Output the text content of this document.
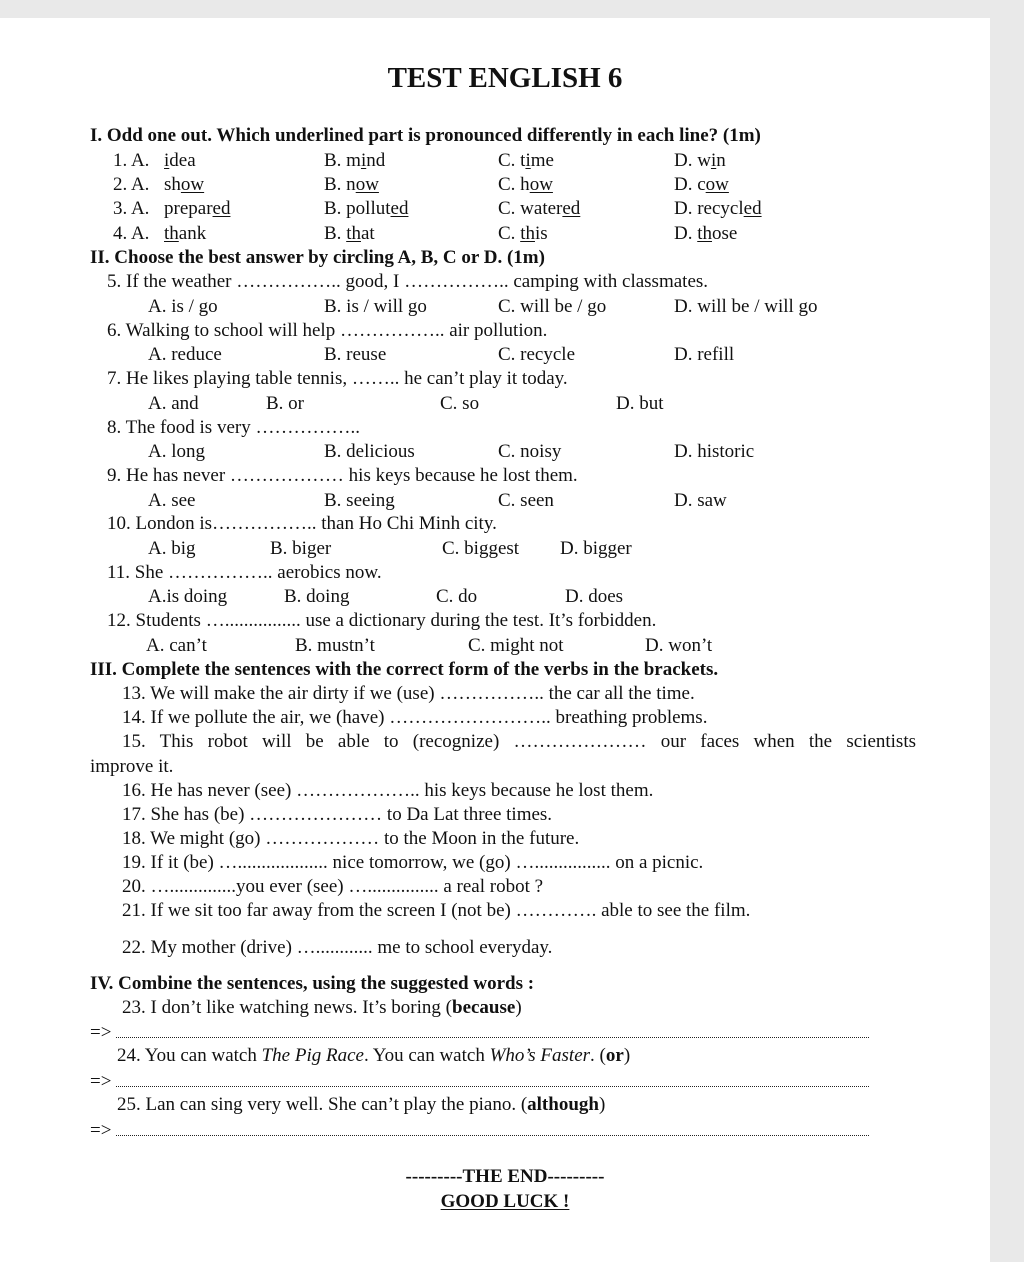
TEST ENGLISH 6
I. Odd one out. Which underlined part is pronounced differently in each line? (1m)
1. A. idea	B. mind	C. time	D. win
2. A. show	B. now	C. how	D. cow
3. A. prepared	B. polluted	C. watered	D. recycled
4. A. thank	B. that	C. this	D. those
II. Choose the best answer by circling A, B, C or D. (1m)
5. If the weather …………….. good, I …………….. camping with classmates.
A. is / go	B. is / will go	C. will be / go	D. will be / will go
6. Walking to school will help …………….. air pollution.
A. reduce	B. reuse	C. recycle	D. refill
7. He likes playing table tennis, …….. he can’t play it today.
A. and	B. or	C. so	D. but
8. The food is very ……………..
A. long	B. delicious	C. noisy	D. historic
9. He has never ……………… his keys because he lost them.
A. see	B. seeing	C. seen	D. saw
10. London is…………….. than Ho Chi Minh city.
A. big	B. biger	C. biggest D. bigger
11. She …………….. aerobics now.
A.is doing	B. doing	C. do	D. does
12. Students …................ use a dictionary during the test. It’s forbidden.
A. can’t	B. mustn’t	C. might not	D. won’t
III. Complete the sentences with the correct form of the verbs in the brackets.
13. We will make the air dirty if we (use) …………….. the car all the time.
14. If we pollute the air, we (have) …………………….. breathing problems.
15. This robot will be able to (recognize) ………………… our faces when the scientists
improve it.
16. He has never (see) ……………….. his keys because he lost them.
17. She has (be) ………………… to Da Lat three times.
18. We might (go) ……………… to the Moon in the future.
19. If it (be) …................... nice tomorrow, we (go) …................ on a picnic.
20. …..............you ever (see) …............... a real robot ?
21. If we sit too far away from the screen I (not be) …………. able to see the film.
22. My mother (drive) …............ me to school everyday.
IV. Combine the sentences, using the suggested words :
23. I don’t like watching news. It’s boring (because)
=>
24. You can watch The Pig Race. You can watch Who’s Faster. (or)
=>
25. Lan can sing very well. She can’t play the piano. (although)
=>
---------THE END---------
GOOD LUCK !
